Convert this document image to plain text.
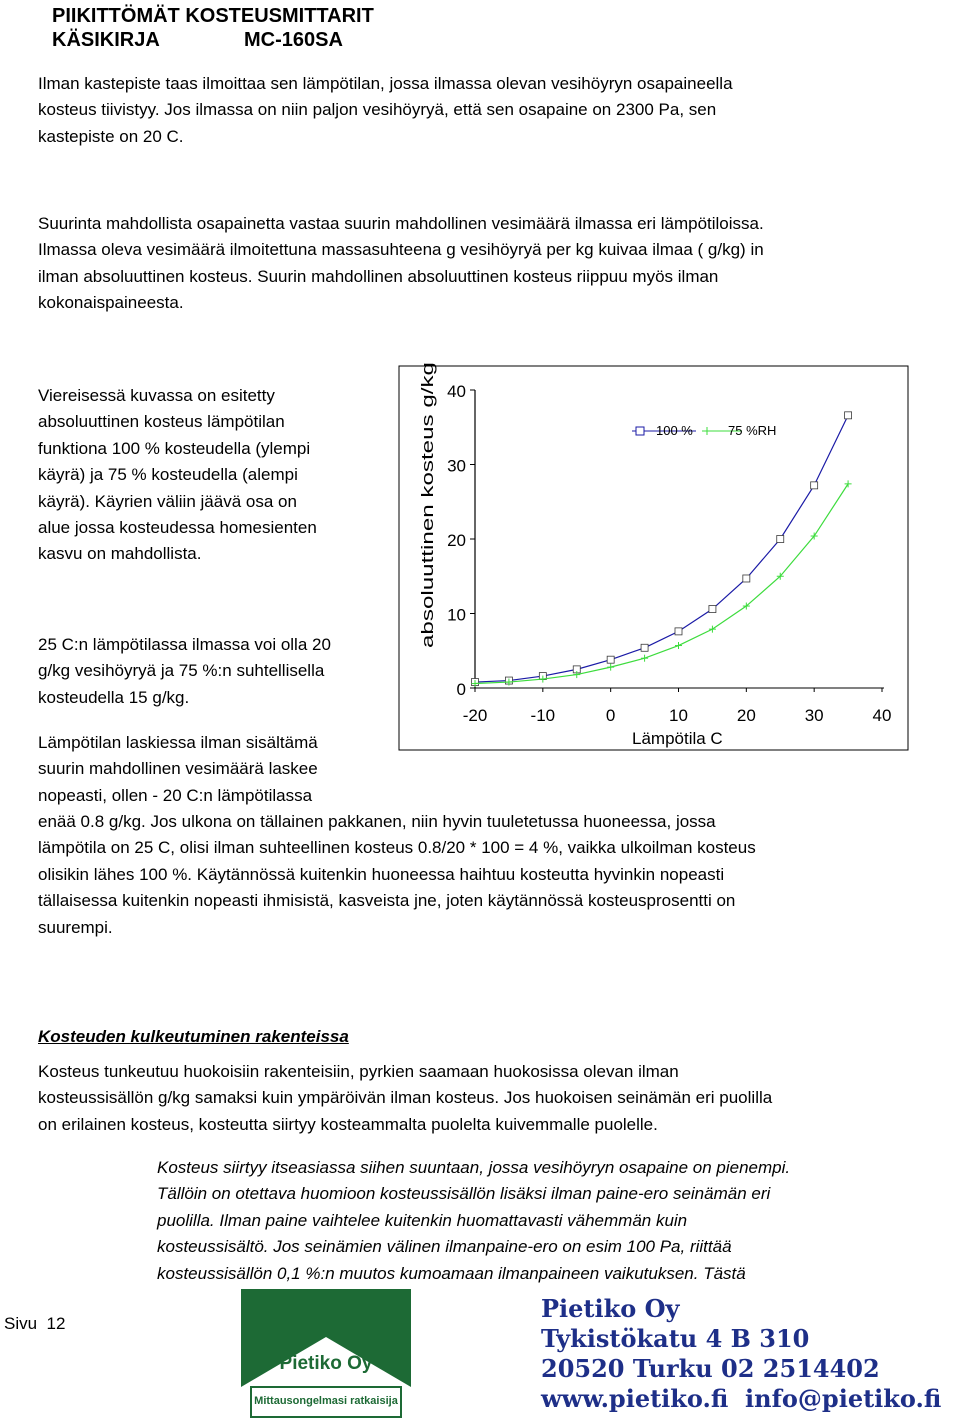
PIIKITTÖMÄT KOSTEUSMITTARIT
KÄSIKIRJA	MC-160SA
Ilman kastepiste taas ilmoittaa sen lämpötilan, jossa ilmassa olevan vesihöyryn osapaineella
kosteus tiivistyy. Jos ilmassa on niin paljon vesihöyryä, että sen osapaine on 2300 Pa, sen
kastepiste on 20 C.
Suurinta mahdollista osapainetta vastaa suurin mahdollinen vesimäärä ilmassa eri lämpötiloissa.
Ilmassa oleva vesimäärä ilmoitettuna massasuhteena g vesihöyryä per kg kuivaa ilmaa ( g/kg) in
ilman absoluuttinen kosteus. Suurin mahdollinen absoluuttinen kosteus riippuu myös ilman
kokonaispaineesta.
Viereisessä kuvassa on esitetty
absoluuttinen kosteus lämpötilan
funktiona 100 % kosteudella (ylempi
käyrä) ja 75 % kosteudella (alempi
käyrä). Käyrien väliin jäävä osa on
alue jossa kosteudessa homesienten
kasvu on mahdollista.
25 C:n lämpötilassa ilmassa voi olla 20
g/kg vesihöyryä ja 75 %:n suhtellisella
kosteudella 15 g/kg.
Lämpötilan laskiessa ilman sisältämä
suurin mahdollinen vesimäärä laskee
nopeasti, ollen - 20 C:n lämpötilassa
enää 0.8 g/kg. Jos ulkona on tällainen pakkanen, niin hyvin tuuletetussa huoneessa, jossa
lämpötila on 25 C, olisi ilman suhteellinen kosteus 0.8/20 * 100 = 4 %, vaikka ulkoilman kosteus
olisikin lähes 100 %. Käytännössä kuitenkin huoneessa haihtuu kosteutta hyvinkin nopeasti
tällaisessa kuitenkin nopeasti ihmisistä, kasveista jne, joten käytännössä kosteusprosentti on
suurempi.
Kosteuden kulkeutuminen rakenteissa
Kosteus tunkeutuu huokoisiin rakenteisiin, pyrkien saamaan huokosissa olevan ilman
kosteussisällön g/kg samaksi kuin ympäröivän ilman kosteus. Jos huokoisen seinämän eri puolilla
on erilainen kosteus, kosteutta siirtyy kosteammalta puolelta kuivemmalle puolelle.
Kosteus siirtyy itseasiassa siihen suuntaan, jossa vesihöyryn osapaine on pienempi.
Tällöin on otettava huomioon kosteussisällön lisäksi ilman paine-ero seinämän eri
puolilla. Ilman paine vaihtelee kuitenkin huomattavasti vähemmän kuin
kosteussisältö. Jos seinämien välinen ilmanpaine-ero on esim 100 Pa, riittää
kosteussisällön 0,1 %:n muutos kumoamaan ilmanpaineen vaikutuksen. Tästä
0
10
20
30
40
-20	-10	0	10	20	30	40
Lämpötila C
absoluuttinen kosteus g/kg
100 %	75 %RH
Sivu 12
Pietiko Oy
Mittausongelmasi ratkaisija
Pietiko Oy
Tykistökatu 4 B 310
20520 Turku 02 2514402
www.pietiko.fi info@pietiko.fi
